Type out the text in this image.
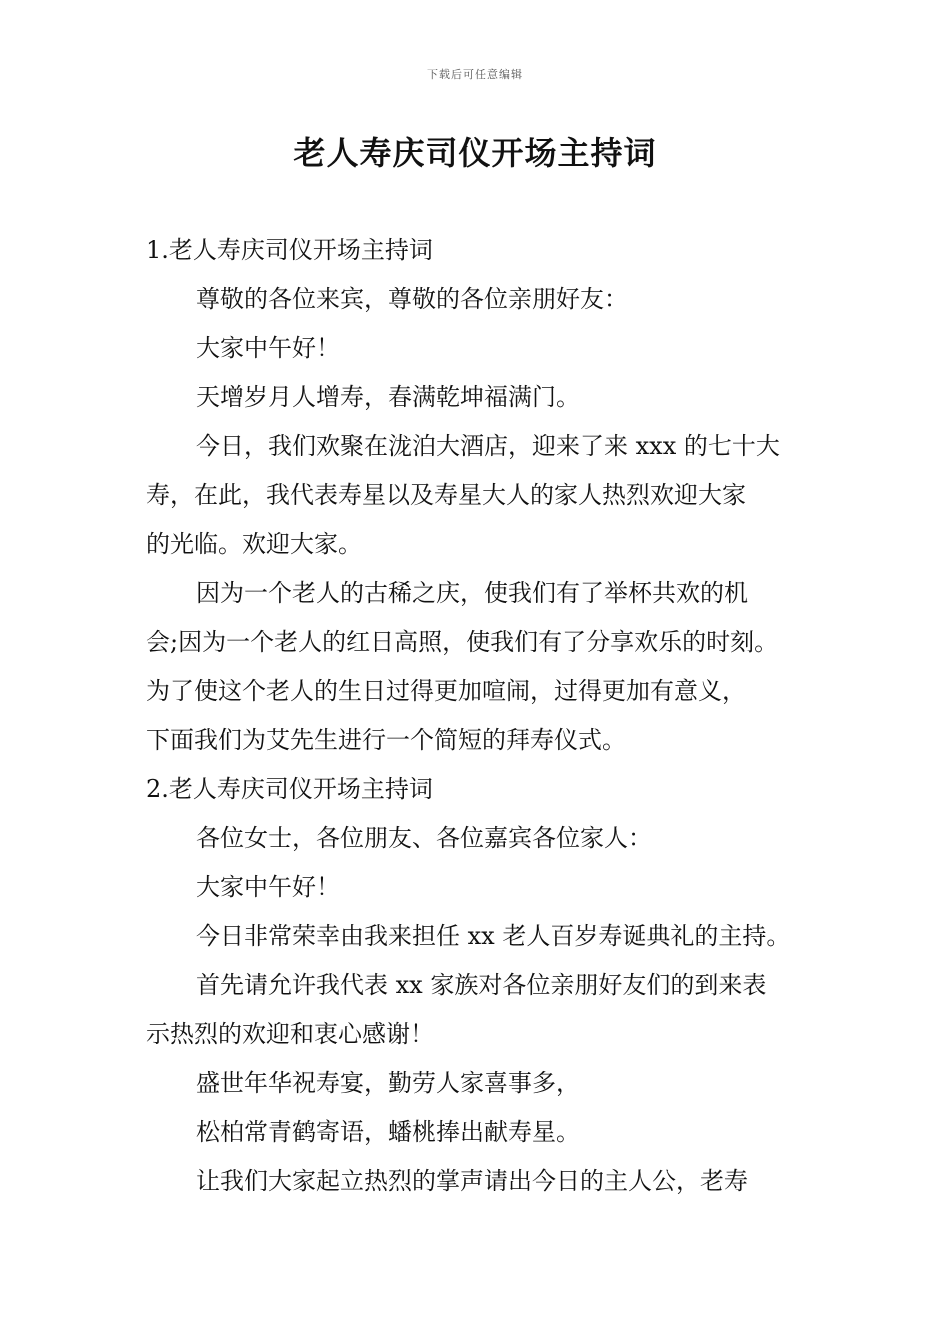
下载后可任意编辑
老人寿庆司仪开场主持词

1.老人寿庆司仪开场主持词

尊敬的各位来宾，尊敬的各位亲朋好友：

大家中午好！

天增岁月人增寿，春满乾坤福满门。

今日，我们欢聚在泷泊大酒店，迎来了来 xxx 的七十大

寿，在此，我代表寿星以及寿星大人的家人热烈欢迎大家

的光临。欢迎大家。

因为一个老人的古稀之庆，使我们有了举杯共欢的机

会;因为一个老人的红日高照，使我们有了分享欢乐的时刻。

为了使这个老人的生日过得更加喧闹，过得更加有意义，

下面我们为艾先生进行一个简短的拜寿仪式。

2.老人寿庆司仪开场主持词

各位女士，各位朋友、各位嘉宾各位家人：

大家中午好！

今日非常荣幸由我来担任 xx 老人百岁寿诞典礼的主持。

首先请允许我代表 xx 家族对各位亲朋好友们的到来表

示热烈的欢迎和衷心感谢！

盛世年华祝寿宴，勤劳人家喜事多，

松柏常青鹤寄语，蟠桃捧出献寿星。

让我们大家起立热烈的掌声请出今日的主人公，老寿
